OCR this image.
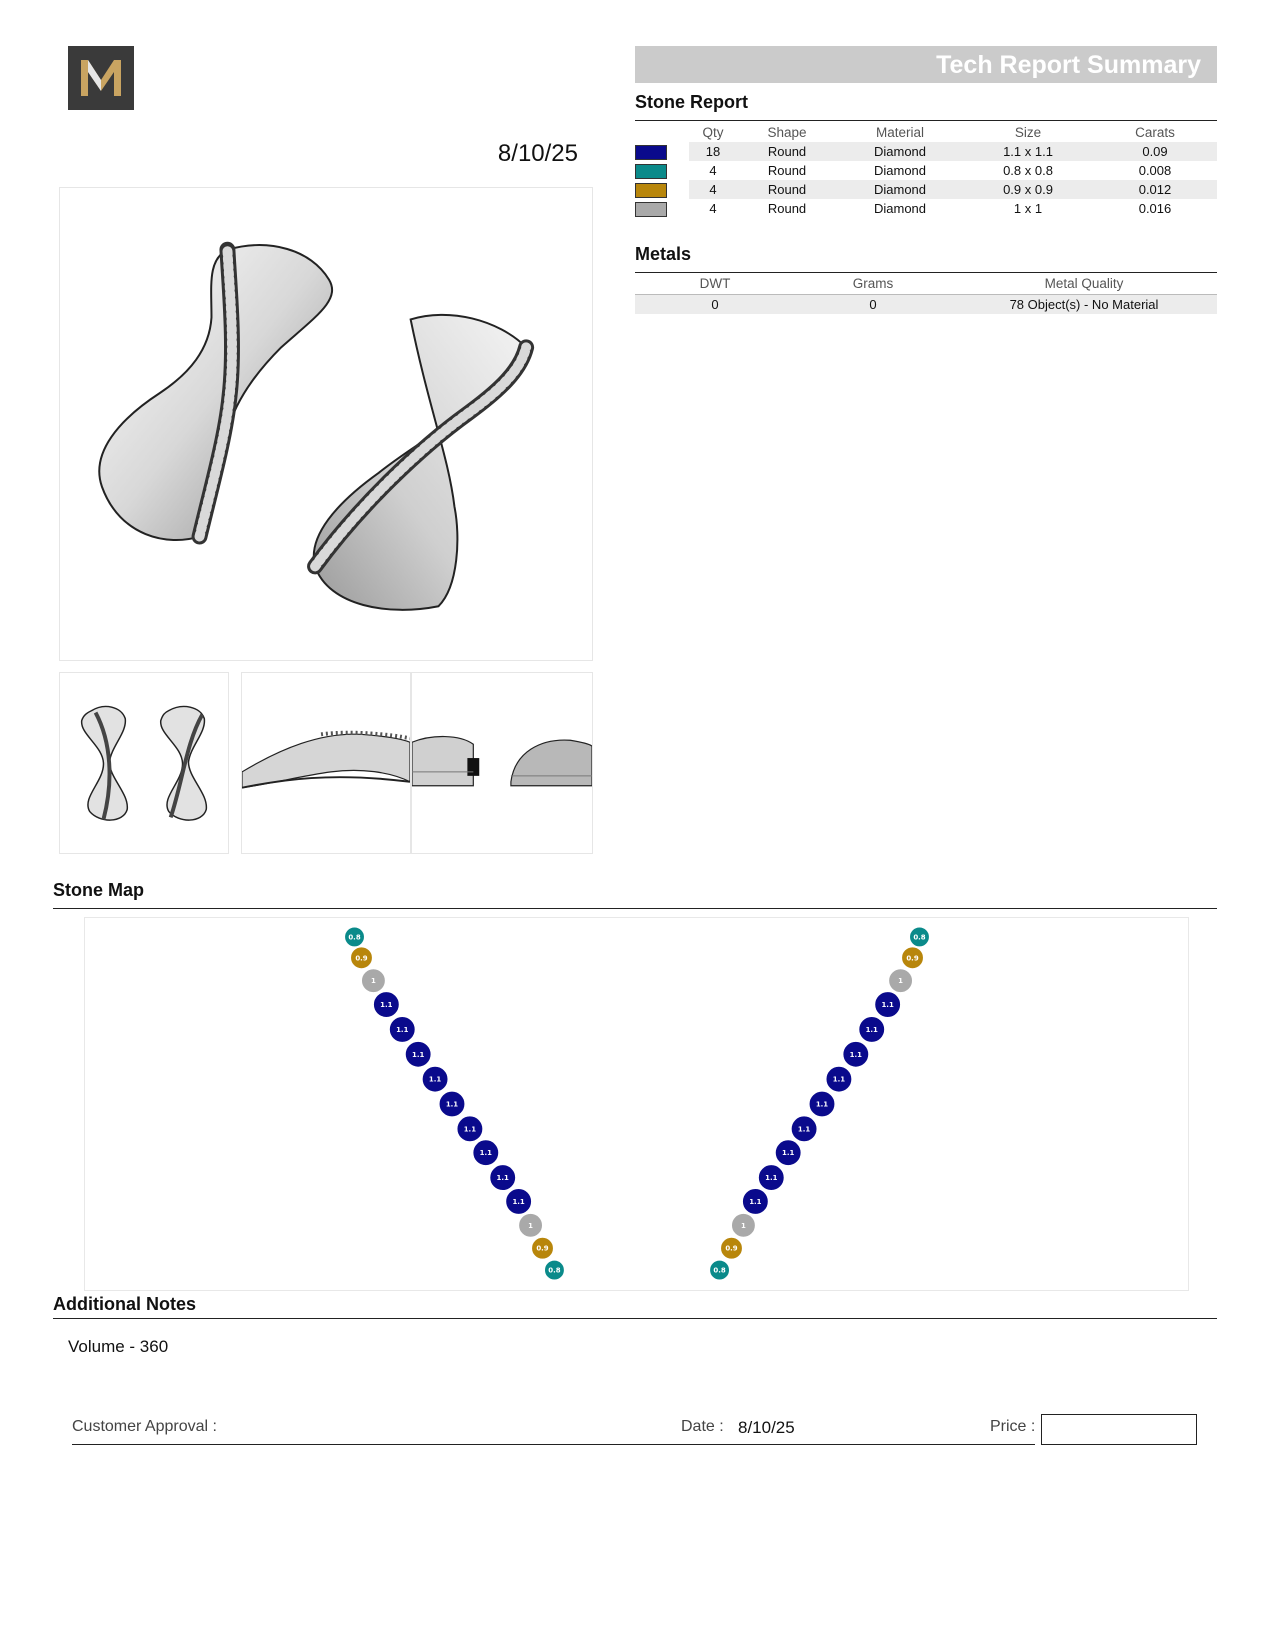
8/10/25
Tech Report Summary
Stone Report
	Qty	Shape	Material	Size	Carats
	18	Round	Diamond	1.1 x 1.1	0.09
	4	Round	Diamond	0.8 x 0.8	0.008
	4	Round	Diamond	0.9 x 0.9	0.012
	4	Round	Diamond	1 x 1	0.016
Metals
DWT	Grams	Metal Quality
0	0	78 Object(s) - No Material
Stone Map
0.8
0.9
1
1.1
1.1
1.1
1.1
1.1
1.1
1.1
1.1
1.1
1
0.9
0.8
0.8
0.9
1
1.1
1.1
1.1
1.1
1.1
1.1
1.1
1.1
1.1
1
0.9
0.8
Additional Notes
Volume - 360
Customer Approval :	Date : 8/10/25	Price :
